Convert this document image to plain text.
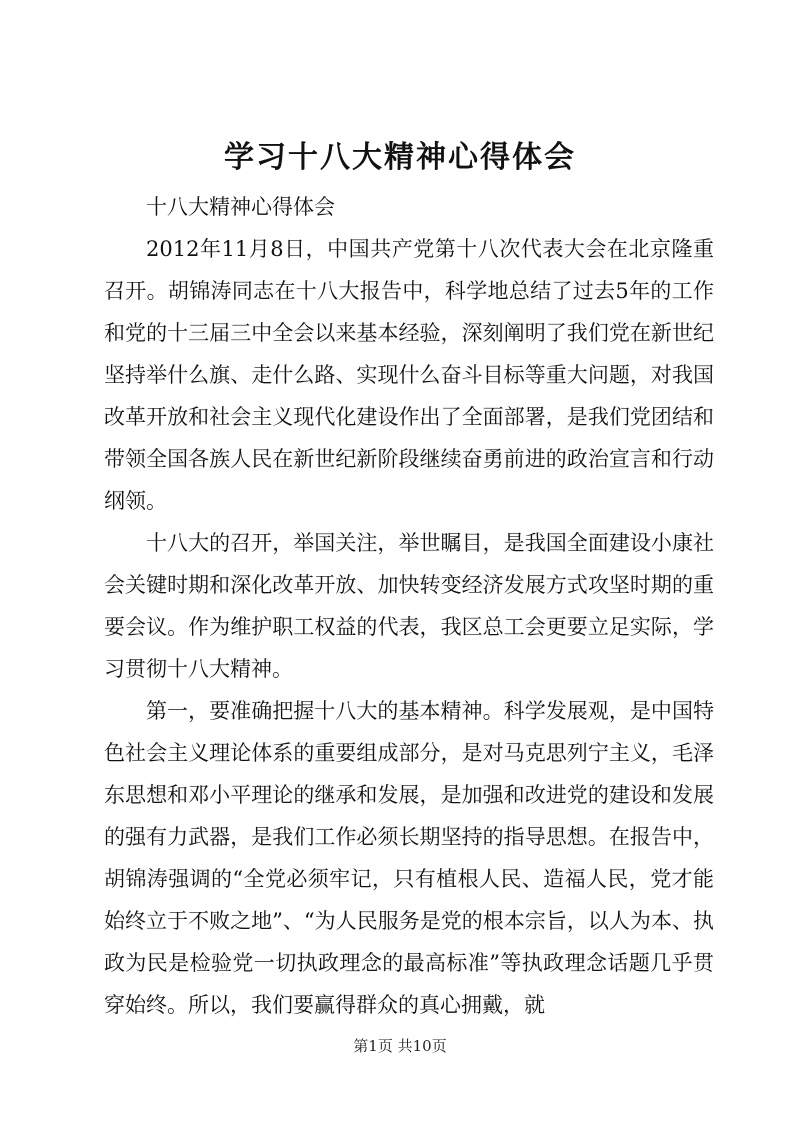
学习十八大精神心得体会

十八大精神心得体会

2012年11月8日，中国共产党第十八次代表大会在北京隆重召开。胡锦涛同志在十八大报告中，科学地总结了过去5年的工作和党的十三届三中全会以来基本经验，深刻阐明了我们党在新世纪坚持举什么旗、走什么路、实现什么奋斗目标等重大问题，对我国改革开放和社会主义现代化建设作出了全面部署，是我们党团结和带领全国各族人民在新世纪新阶段继续奋勇前进的政治宣言和行动纲领。

十八大的召开，举国关注，举世瞩目，是我国全面建设小康社会关键时期和深化改革开放、加快转变经济发展方式攻坚时期的重要会议。作为维护职工权益的代表，我区总工会更要立足实际，学习贯彻十八大精神。

第一，要准确把握十八大的基本精神。科学发展观，是中国特色社会主义理论体系的重要组成部分，是对马克思列宁主义，毛泽东思想和邓小平理论的继承和发展，是加强和改进党的建设和发展的强有力武器，是我们工作必须长期坚持的指导思想。在报告中，胡锦涛强调的“全党必须牢记，只有植根人民、造福人民，党才能始终立于不败之地”、“为人民服务是党的根本宗旨，以人为本、执政为民是检验党一切执政理念的最高标准”等执政理念话题几乎贯穿始终。所以，我们要赢得群众的真心拥戴，就

第1页 共10页
